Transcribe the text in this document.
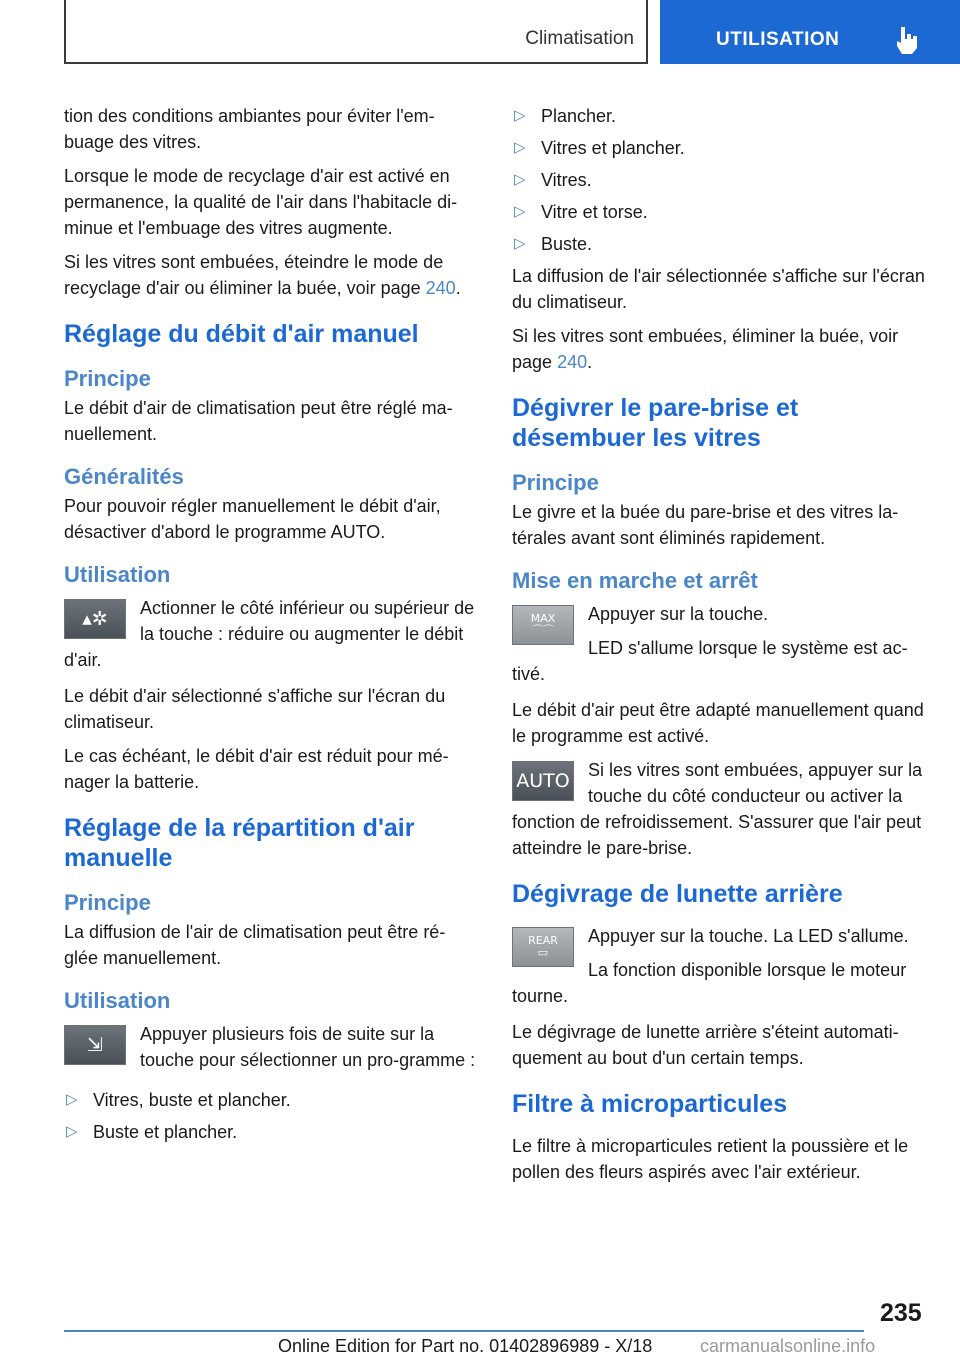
Climatisation	UTILISATION

tion des conditions ambiantes pour éviter l'em-buage des vitres.

Lorsque le mode de recyclage d'air est activé en permanence, la qualité de l'air dans l'habitacle di-minue et l'embuage des vitres augmente.

Si les vitres sont embuées, éteindre le mode de recyclage d'air ou éliminer la buée, voir page 240.

Réglage du débit d'air manuel
Principe

Le débit d'air de climatisation peut être réglé ma-nuellement.

Généralités

Pour pouvoir régler manuellement le débit d'air, désactiver d'abord le programme AUTO.

Utilisation
▴✲	Actionner le côté inférieur ou supérieur de la touche : réduire ou augmenter le débit d'air.

Le débit d'air sélectionné s'affiche sur l'écran du climatiseur.

Le cas échéant, le débit d'air est réduit pour mé-nager la batterie.

Réglage de la répartition d'air manuelle
Principe

La diffusion de l'air de climatisation peut être ré-glée manuellement.

Utilisation
⇲	Appuyer plusieurs fois de suite sur la touche pour sélectionner un pro-gramme :

▷ Vitres, buste et plancher.
▷ Buste et plancher.
▷ Plancher.
▷ Vitres et plancher.
▷ Vitres.
▷ Vitre et torse.
▷ Buste.

La diffusion de l'air sélectionnée s'affiche sur l'écran du climatiseur.

Si les vitres sont embuées, éliminer la buée, voir page 240.

Dégivrer le pare-brise et désembuer les vitres
Principe

Le givre et la buée du pare-brise et des vitres la-térales avant sont éliminés rapidement.

Mise en marche et arrêt
MAX
⌒⌒

Appuyer sur la touche.

LED s'allume lorsque le système est ac-tivé.

Le débit d'air peut être adapté manuellement quand le programme est activé.

AUTO	Si les vitres sont embuées, appuyer sur la touche du côté conducteur ou activer la fonction de refroidissement. S'assurer que l'air peut atteindre le pare-brise.

Dégivrage de lunette arrière
REAR
▭

Appuyer sur la touche. La LED s'allume.

La fonction disponible lorsque le moteur tourne.

Le dégivrage de lunette arrière s'éteint automati-quement au bout d'un certain temps.

Filtre à microparticules

Le filtre à microparticules retient la poussière et le pollen des fleurs aspirés avec l'air extérieur.

235
Online Edition for Part no. 01402896989 - X/18	carmanualsonline.info
